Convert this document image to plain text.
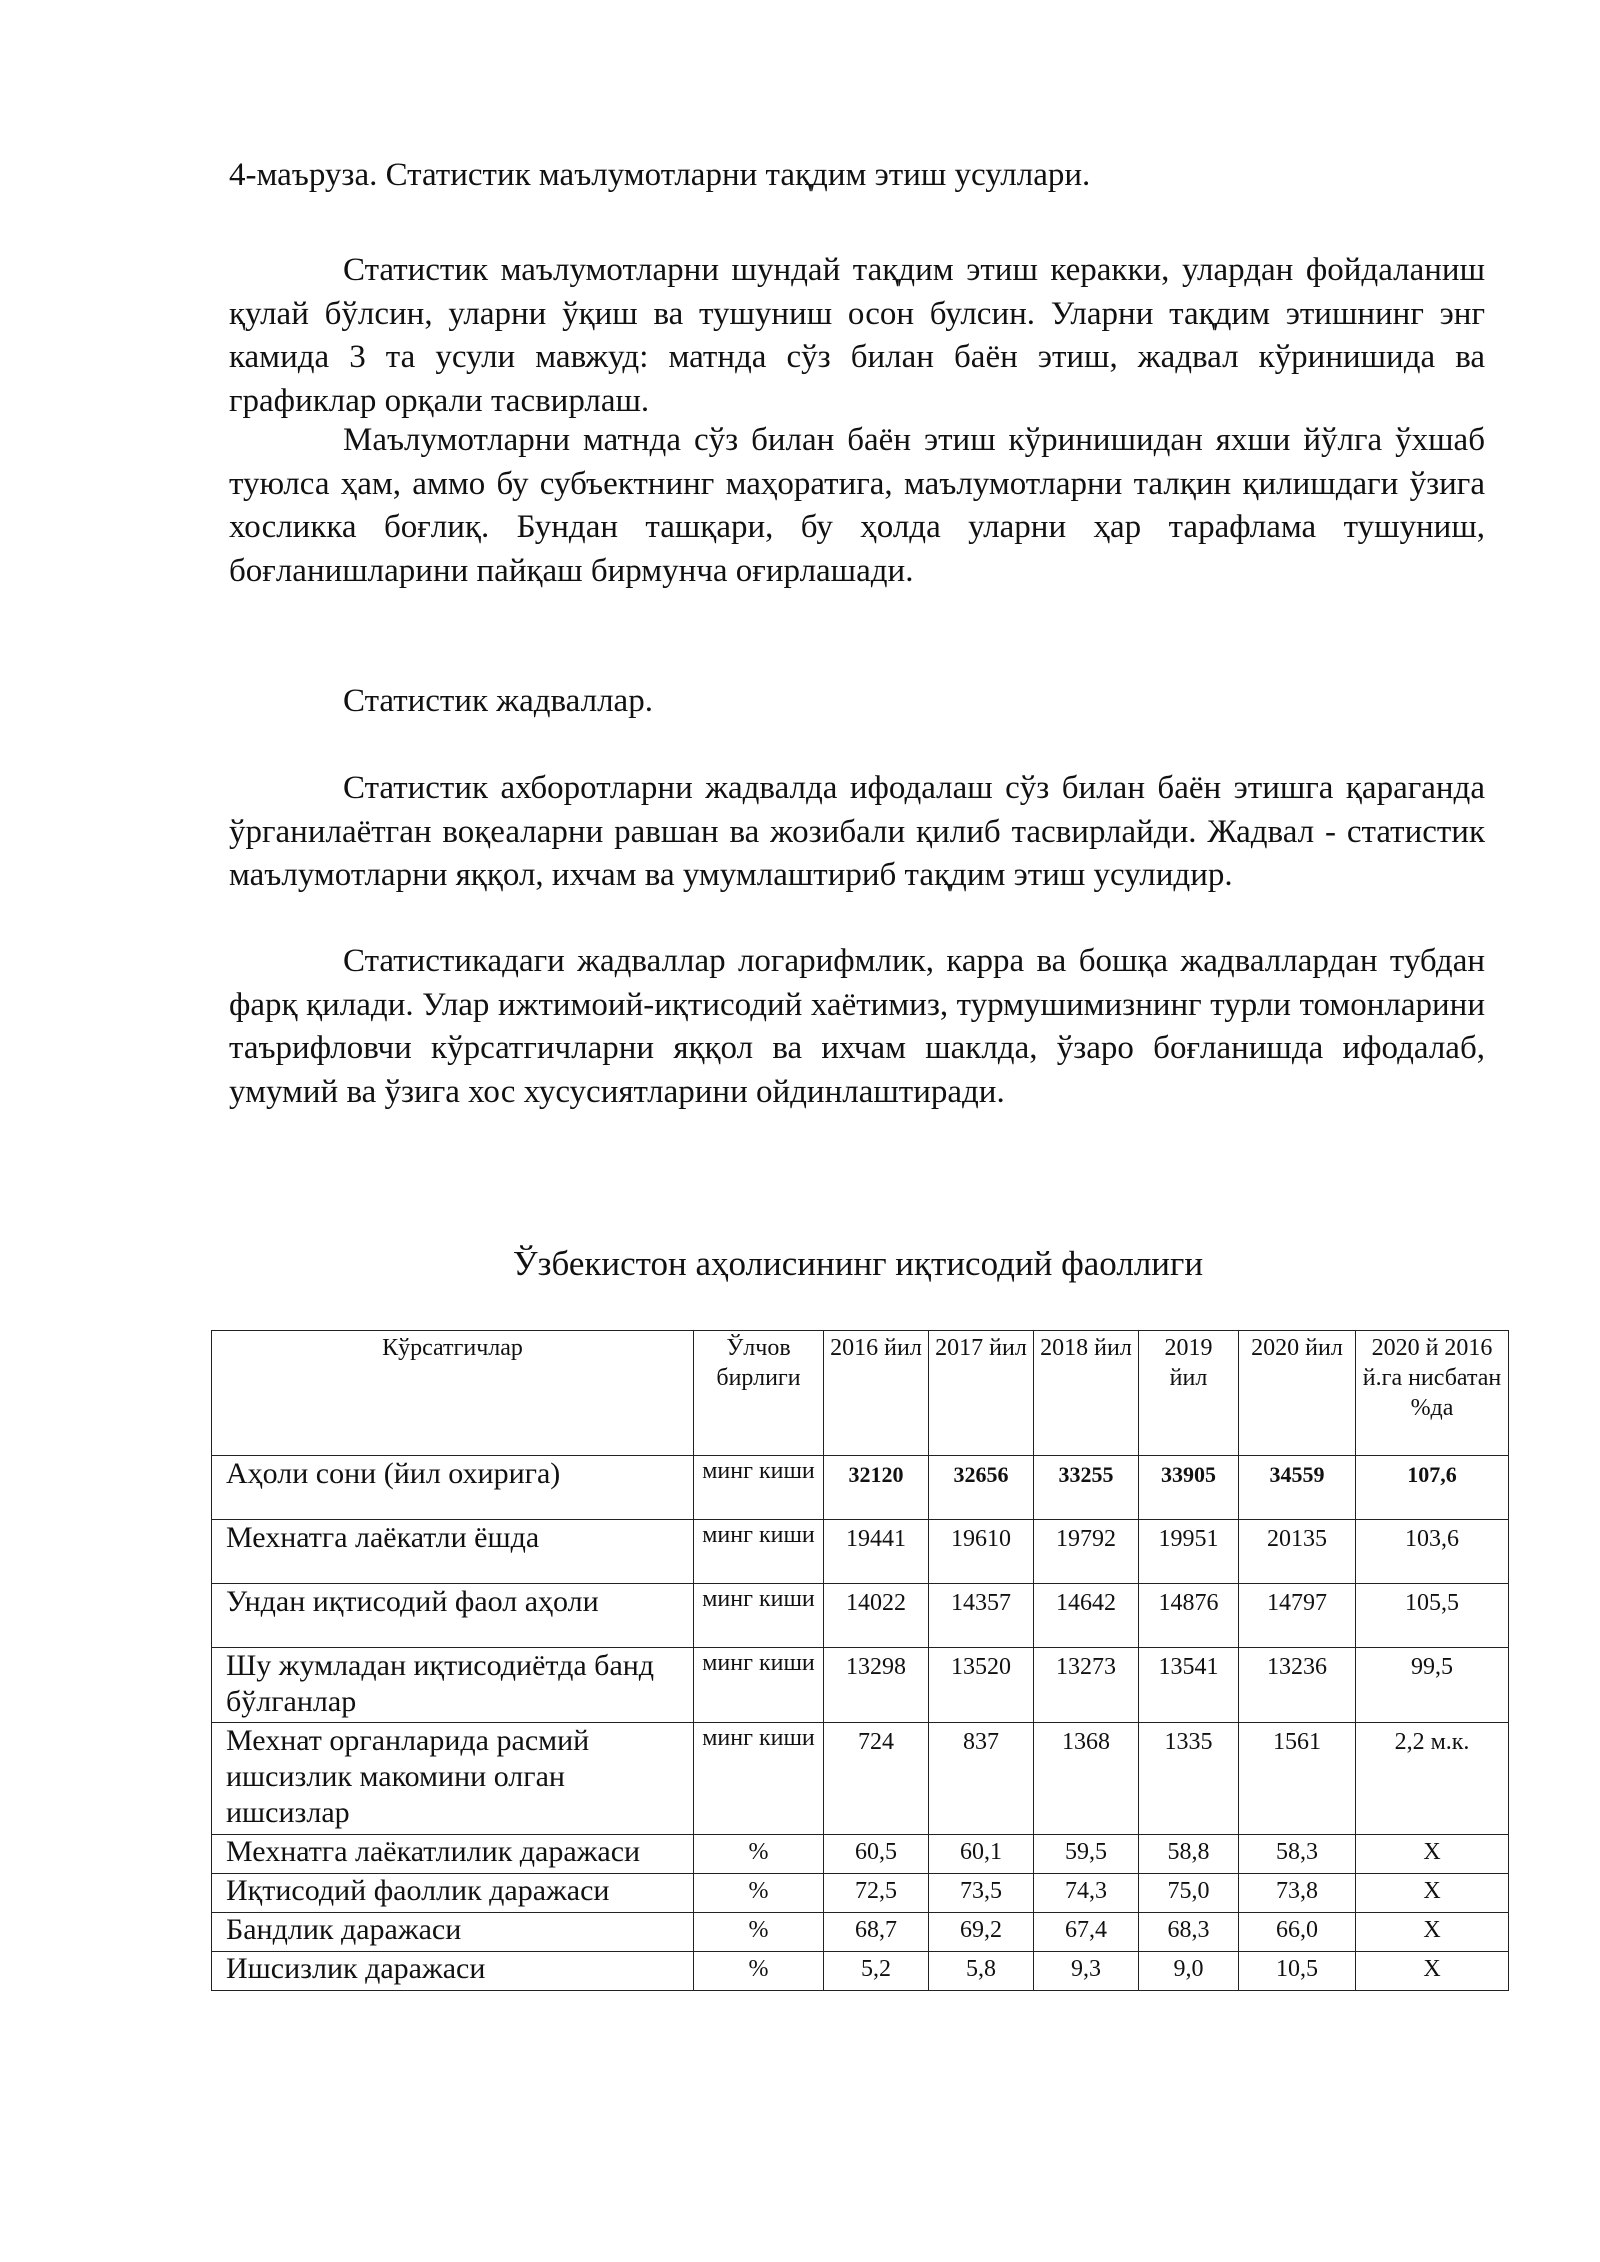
4-маъруза. Статистик маълумотларни тақдим этиш усуллари.

Статистик маълумотларни шундай тақдим этиш керакки, улардан фойдаланиш қулай бўлсин, уларни ўқиш ва тушуниш осон булсин. Уларни тақдим этишнинг энг камида 3 та усули мавжуд: матнда сўз билан баён этиш, жадвал кўринишида ва графиклар орқали тасвирлаш.

Маълумотларни матнда сўз билан баён этиш кўринишидан яхши йўлга ўхшаб туюлса ҳам, аммо бу субъектнинг маҳоратига, маълумотларни талқин қилишдаги ўзига хосликка боғлиқ. Бундан ташқари, бу ҳолда уларни ҳар тарафлама тушуниш, боғланишларини пайқаш бирмунча оғирлашади.

Статистик жадваллар.

Статистик ахборотларни жадвалда ифодалаш сўз билан баён этишга қараганда ўрганилаётган воқеаларни равшан ва жозибали қилиб тасвирлайди. Жадвал - статистик маълумотларни яққол, ихчам ва умумлаштириб тақдим этиш усулидир.

Статистикадаги жадваллар логарифмлик, карра ва бошқа жадваллардан тубдан фарқ қилади. Улар ижтимоий-иқтисодий хаётимиз, турмушимизнинг турли томонларини таърифловчи кўрсатгичларни яққол ва ихчам шаклда, ўзаро боғланишда ифодалаб, умумий ва ўзига хос хусусиятларини ойдинлаштиради.

Ўзбекистон аҳолисининг иқтисодий фаоллиги
Кўрсатгичлар	Ўлчов бирлиги	2016 йил	2017 йил	2018 йил	2019 йил	2020 йил	2020 й 2016 й.га нисбатан %да
Аҳоли сони (йил охирига)	минг киши	32120	32656	33255	33905	34559	107,6
Мехнатга лаёкатли ёшда	минг киши	19441	19610	19792	19951	20135	103,6
Ундан иқтисодий фаол аҳоли	минг киши	14022	14357	14642	14876	14797	105,5
Шу жумладан иқтисодиётда банд бўлганлар	минг киши	13298	13520	13273	13541	13236	99,5
Мехнат органларида расмий ишсизлик макомини олган ишсизлар	минг киши	724	837	1368	1335	1561	2,2 м.к.
Мехнатга лаёкатлилик даражаси	%	60,5	60,1	59,5	58,8	58,3	Х
Иқтисодий фаоллик даражаси	%	72,5	73,5	74,3	75,0	73,8	Х
Бандлик даражаси	%	68,7	69,2	67,4	68,3	66,0	Х
Ишсизлик даражаси	%	5,2	5,8	9,3	9,0	10,5	Х
